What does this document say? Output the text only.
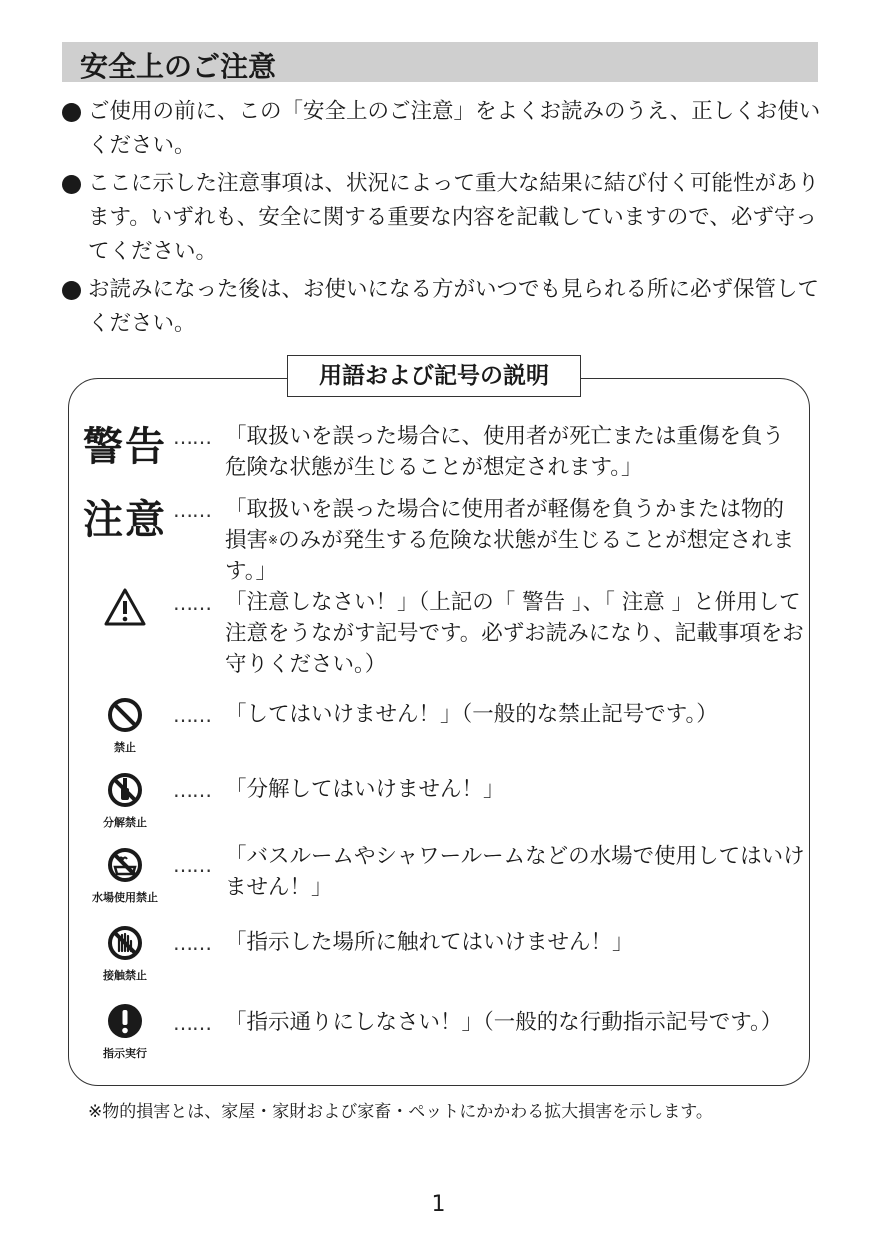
安全上のご注意
ご使用の前に、この「安全上のご注意」をよくお読みのうえ、正しくお使いください。
ここに示した注意事項は、状況によって重大な結果に結び付く可能性があります。いずれも、安全に関する重要な内容を記載していますので、必ず守ってください。
お読みになった後は、お使いになる方がいつでも見られる所に必ず保管してください。
用語および記号の説明
警告 …… 「取扱いを誤った場合に、使用者が死亡または重傷を負う危険な状態が生じることが想定されます。」
注意 …… 「取扱いを誤った場合に使用者が軽傷を負うかまたは物的損害※のみが発生する危険な状態が生じることが想定されます。」
…… 「注意しなさい！」（上記の「 警告 」、「 注意 」と併用して注意をうながす記号です。必ずお読みになり、記載事項をお守りください。）
禁止
…… 「してはいけません！」（一般的な禁止記号です。）
分解禁止
…… 「分解してはいけません！」
水場使用禁止
…… 「バスルームやシャワールームなどの水場で使用してはいけません！」
接触禁止
…… 「指示した場所に触れてはいけません！」
指示実行
…… 「指示通りにしなさい！」（一般的な行動指示記号です。）
※物的損害とは、家屋・家財および家畜・ペットにかかわる拡大損害を示します。
1
